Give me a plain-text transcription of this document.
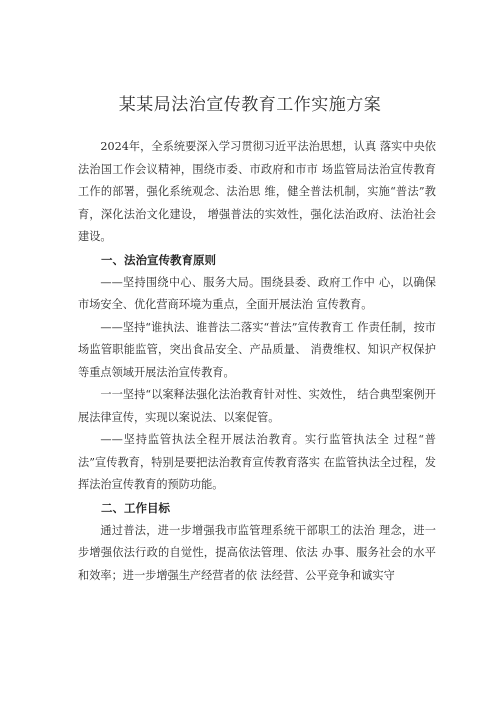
某某局法治宣传教育工作实施方案

2024年，全系统要深入学习贯彻习近平法治思想，认真 落实中央依法治国工作会议精神，围绕市委、市政府和市市 场监管局法治宣传教育工作的部署，强化系统观念、法治思 维，健全普法机制，实施“普法”教育，深化法治文化建设， 增强普法的实效性，强化法治政府、法治社会建设。

一、法治宣传教育原则

——坚持围绕中心、服务大局。围绕县委、政府工作中 心，以确保市场安全、优化营商环境为重点，全面开展法治 宣传教育。

——坚持“谁执法、谁普法二落实“普法”宣传教育工 作责任制，按市场监管职能监管，突出食品安全、产品质量、 消费维权、知识产权保护等重点领域开展法治宣传教育。

一一坚持“以案释法强化法治教育针对性、实效性， 结合典型案例开展法律宣传，实现以案说法、以案促管。

——坚持监管执法全程开展法治教育。实行监管执法全 过程“普法”宣传教育，特别是要把法治教育宣传教育落实 在监管执法全过程，发挥法治宣传教育的预防功能。

二、工作目标

通过普法，进一步增强我市监管理系统干部职工的法治 理念，进一步增强依法行政的自觉性，提高依法管理、依法 办事、服务社会的水平和效率；进一步增强生产经营者的依 法经营、公平竞争和诚实守
